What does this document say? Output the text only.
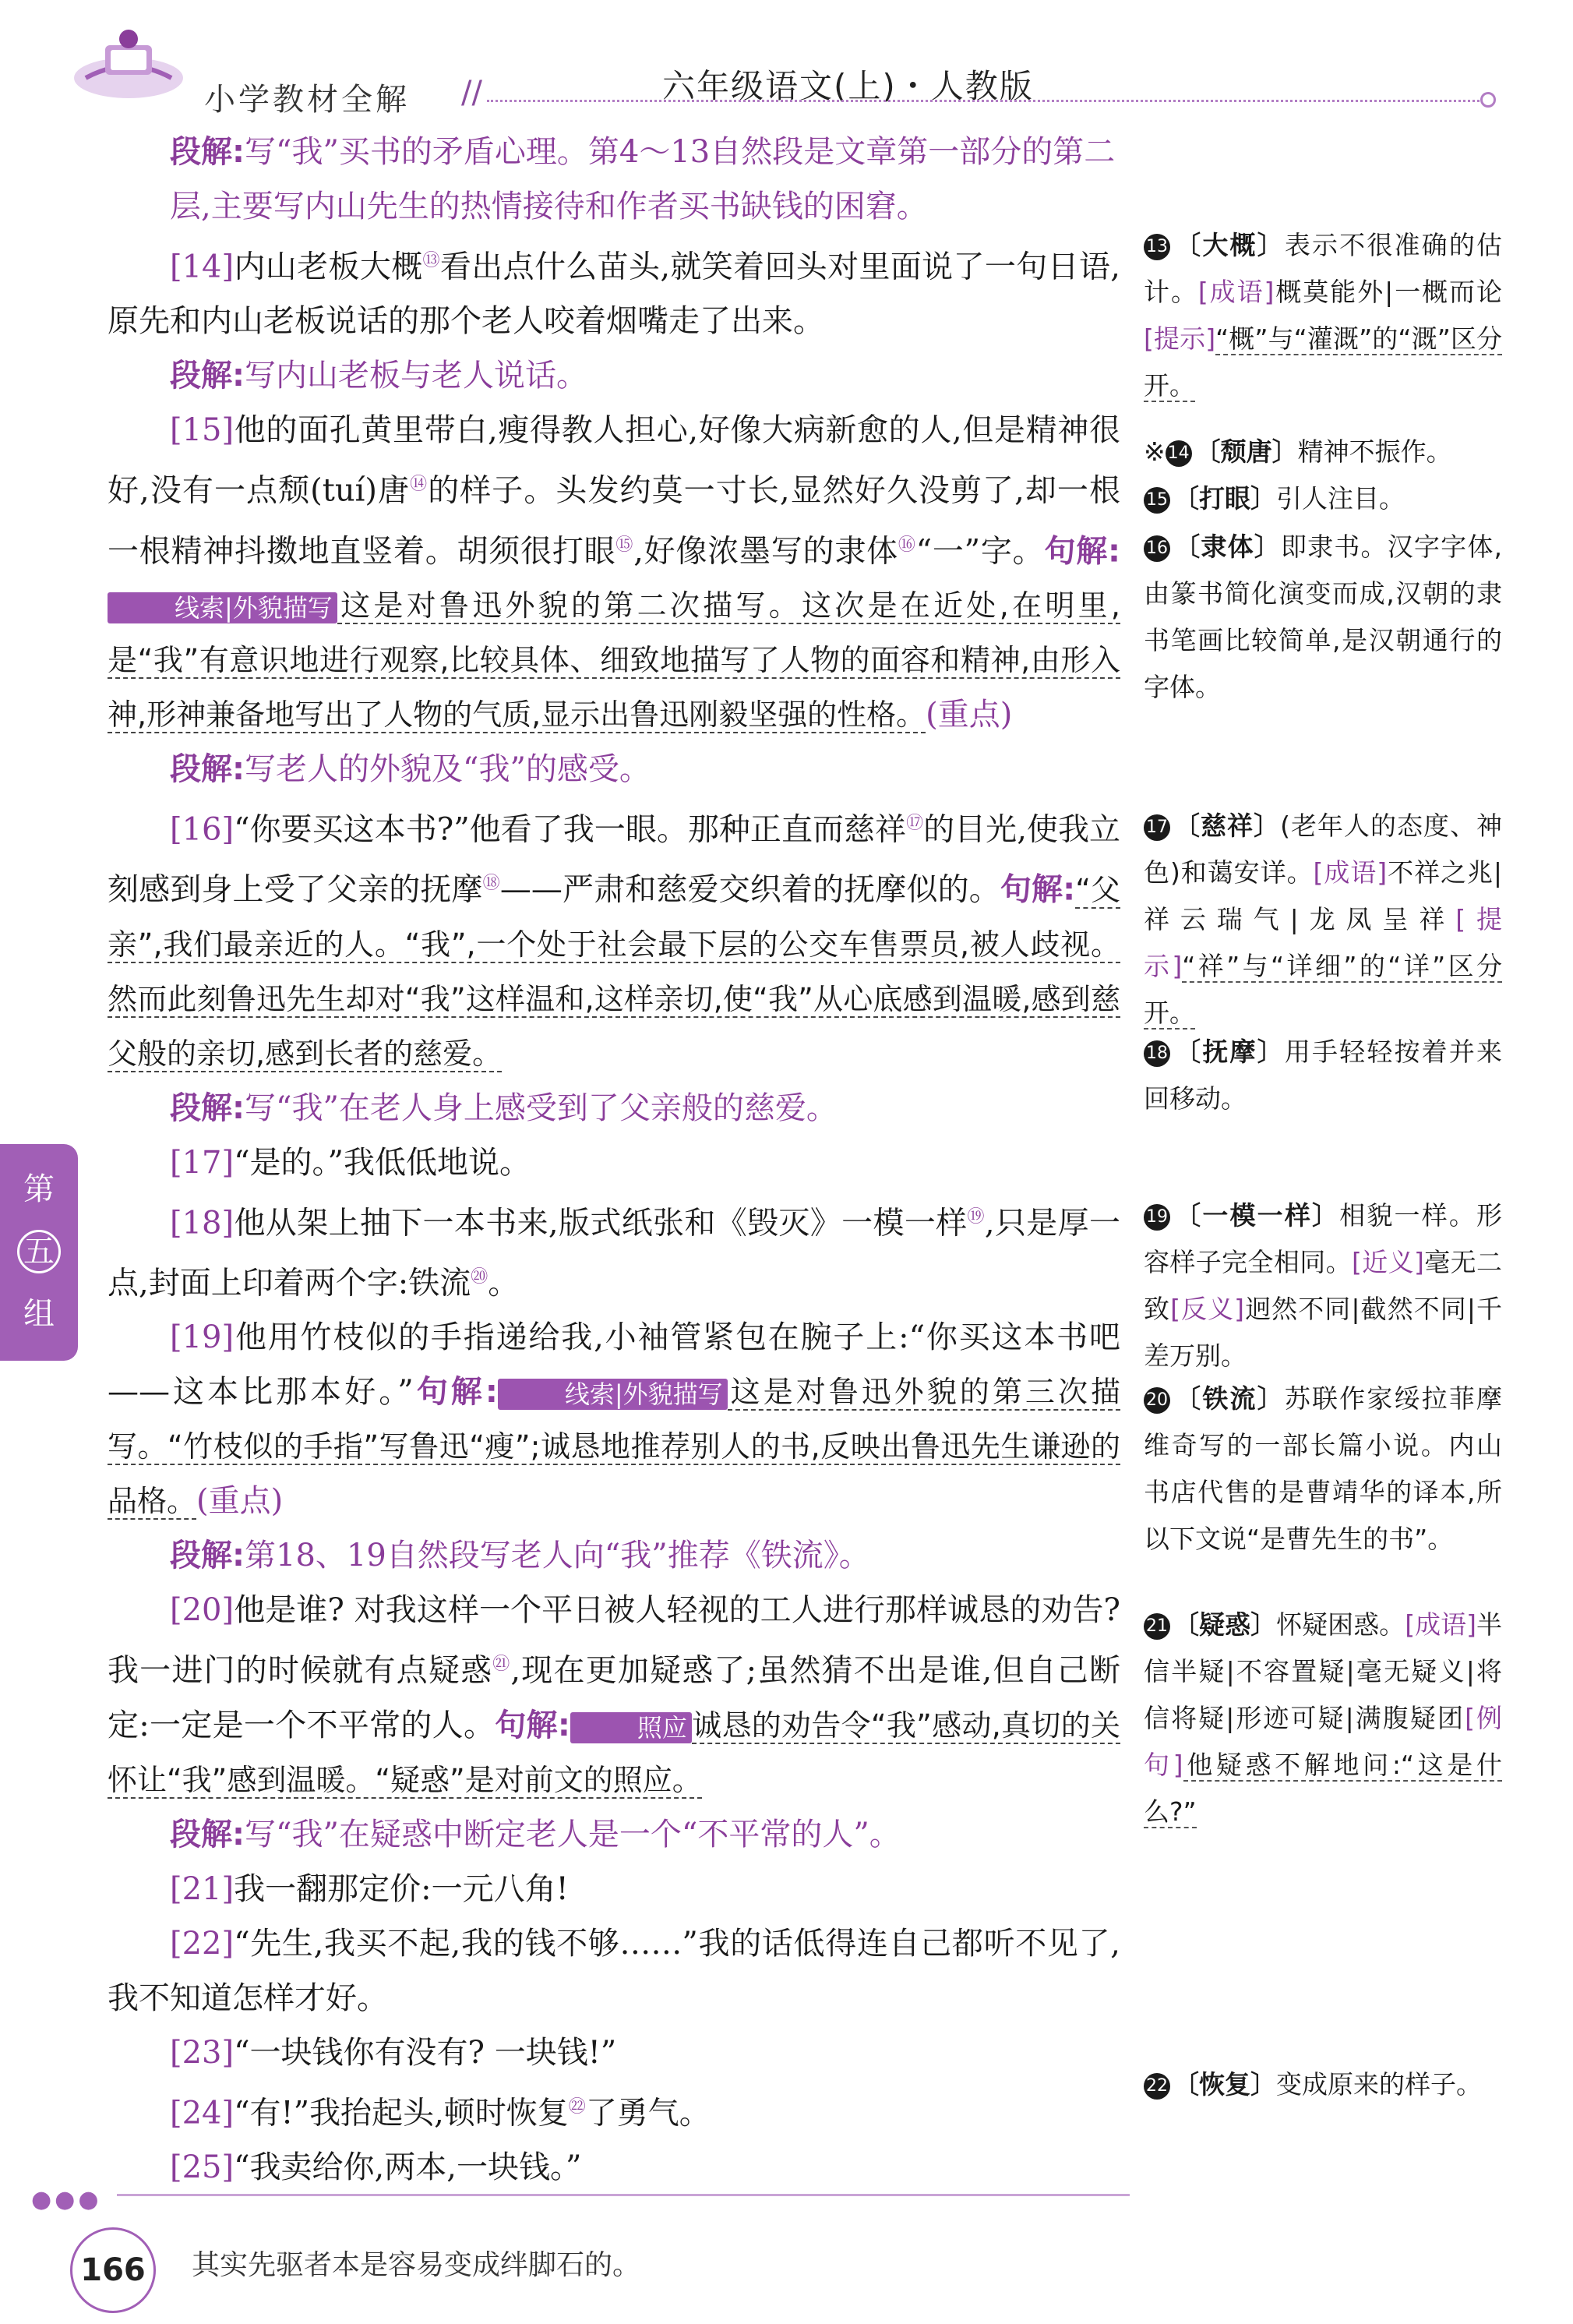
小学教材全解 //	六年级语文(上)・人教版
段解:写“我”买书的矛盾心理。第4～13自然段是文章第一部分的第二层,主要写内山先生的热情接待和作者买书缺钱的困窘。
[14]内山老板大概⑬看出点什么苗头,就笑着回头对里面说了一句日语,原先和内山老板说话的那个老人咬着烟嘴走了出来。
段解:写内山老板与老人说话。
[15]他的面孔黄里带白,瘦得教人担心,好像大病新愈的人,但是精神很好,没有一点颓(tuí)唐⑭的样子。头发约莫一寸长,显然好久没剪了,却一根一根精神抖擞地直竖着。胡须很打眼⑮,好像浓墨写的隶体⑯“一”字。句解:线索|外貌描写 这是对鲁迅外貌的第二次描写。这次是在近处,在明里,是“我”有意识地进行观察,比较具体、细致地描写了人物的面容和精神,由形入神,形神兼备地写出了人物的气质,显示出鲁迅刚毅坚强的性格。(重点)
段解:写老人的外貌及“我”的感受。
[16]“你要买这本书?”他看了我一眼。那种正直而慈祥⑰的目光,使我立刻感到身上受了父亲的抚摩⑱——严肃和慈爱交织着的抚摩似的。句解:“父亲”,我们最亲近的人。“我”,一个处于社会最下层的公交车售票员,被人歧视。然而此刻鲁迅先生却对“我”这样温和,这样亲切,使“我”从心底感到温暖,感到慈父般的亲切,感到长者的慈爱。
段解:写“我”在老人身上感受到了父亲般的慈爱。
[17]“是的。”我低低地说。
[18]他从架上抽下一本书来,版式纸张和《毁灭》一模一样⑲,只是厚一点,封面上印着两个字:铁流⑳。
[19]他用竹枝似的手指递给我,小袖管紧包在腕子上:“你买这本书吧——这本比那本好。”句解:	线索|外貌描写 这是对鲁迅外貌的第三次描写。“竹枝似的手指”写鲁迅“瘦”;诚恳地推荐别人的书,反映出鲁迅先生谦逊的品格。(重点)
段解:第18、19自然段写老人向“我”推荐《铁流》。
[20]他是谁? 对我这样一个平日被人轻视的工人进行那样诚恳的劝告? 我一进门的时候就有点疑惑$^㉑$,现在更加疑惑了;虽然猜不出是谁,但自己断定:一定是一个不平常的人。句解:	照应 诚恳的劝告令“我”感动,真切的关怀让“我”感到温暖。“疑惑”是对前文的照应。
段解:写“我”在疑惑中断定老人是一个“不平常的人”。
[21]我一翻那定价:一元八角!
[22]“先生,我买不起,我的钱不够……”我的话低得连自己都听不见了,我不知道怎样才好。
[23]“一块钱你有没有? 一块钱!”
[24]“有!”我抬起头,顿时恢复$^㉒$了勇气。
[25]“我卖给你,两本,一块钱。”
13 〔大概〕表示不很准确的估计。[成语]概莫能外|一概而论[提示]“概”与“灌溉”的“溉”区分开。
※ 14 〔颓唐〕精神不振作。
15 〔打眼〕引人注目。
16 〔隶体〕即隶书。汉字字体,由篆书简化演变而成,汉朝的隶书笔画比较简单,是汉朝通行的字体。
17 〔慈祥〕(老年人的态度、神色)和蔼安详。[成语]不祥之兆|祥云瑞气|龙凤呈祥[提示]“祥”与“详细”的“详”区分开。
18 〔抚摩〕用手轻轻按着并来回移动。
19 〔一模一样〕相貌一样。形容样子完全相同。[近义]毫无二致[反义]迥然不同|截然不同|千差万别。
20 〔铁流〕苏联作家绥拉菲摩维奇写的一部长篇小说。内山书店代售的是曹靖华的译本,所以下文说“是曹先生的书”。
21 〔疑惑〕怀疑困惑。[成语]半信半疑|不容置疑|毫无疑义|将信将疑|形迹可疑|满腹疑团[例句]他疑惑不解地问:“这是什么?”
22 〔恢复〕变成原来的样子。
第
五
组
●●●
166	其实先驱者本是容易变成绊脚石的。
